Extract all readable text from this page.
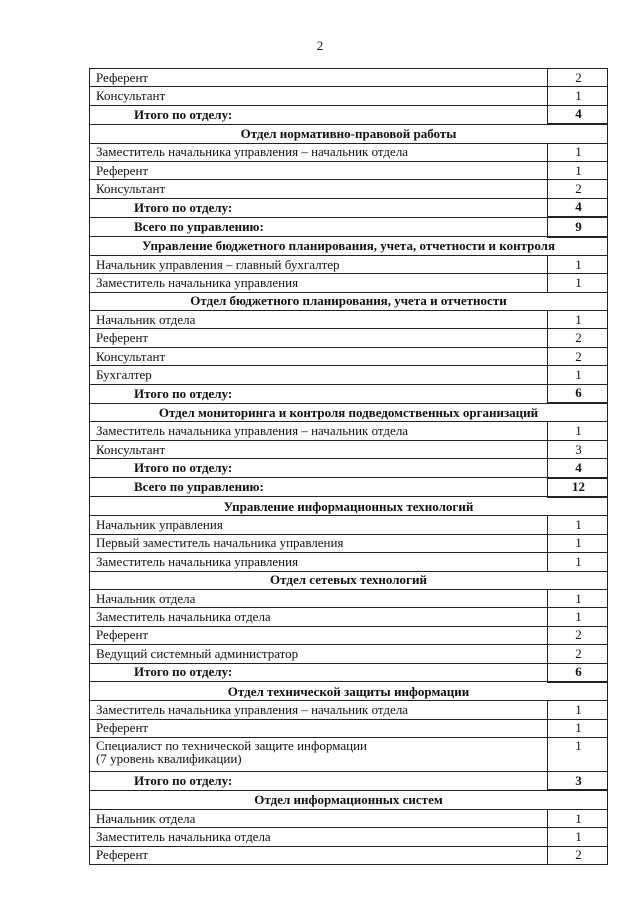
2
Референт	2
Консультант	1
Итого по отделу:	4
Отдел нормативно-правовой работы	
Заместитель начальника управления – начальник отдела	1
Референт	1
Консультант	2
Итого по отделу:	4
Всего по управлению:	9
Управление бюджетного планирования, учета, отчетности и контроля	
Начальник управления – главный бухгалтер	1
Заместитель начальника управления	1
Отдел бюджетного планирования, учета и отчетности	
Начальник отдела	1
Референт	2
Консультант	2
Бухгалтер	1
Итого по отделу:	6
Отдел мониторинга и контроля подведомственных организаций	
Заместитель начальника управления – начальник отдела	1
Консультант	3
Итого по отделу:	4
Всего по управлению:	12
Управление информационных технологий	
Начальник управления	1
Первый заместитель начальника управления	1
Заместитель начальника управления	1
Отдел сетевых технологий	
Начальник отдела	1
Заместитель начальника отдела	1
Референт	2
Ведущий системный администратор	2
Итого по отделу:	6
Отдел технической защиты информации	
Заместитель начальника управления – начальник отдела	1
Референт	1
Специалист по технической защите информации
(7 уровень квалификации)	1
Итого по отделу:	3
Отдел информационных систем	
Начальник отдела	1
Заместитель начальника отдела	1
Референт	2
